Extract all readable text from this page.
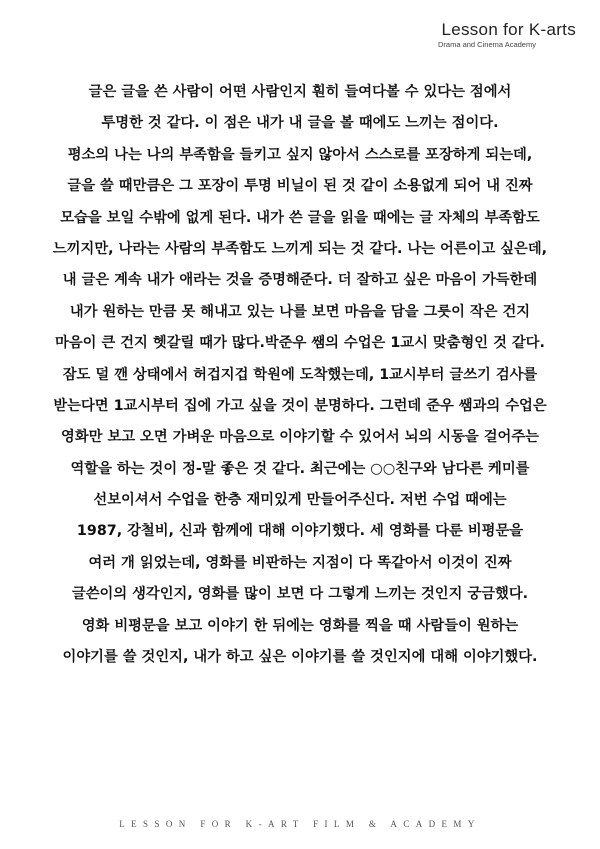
Lesson for K-arts
Drama and Cinema Academy
글은 글을 쓴 사람이 어떤 사람인지 훤히 들여다볼 수 있다는 점에서
투명한 것 같다. 이 점은 내가 내 글을 볼 때에도 느끼는 점이다.
평소의 나는 나의 부족함을 들키고 싶지 않아서 스스로를 포장하게 되는데,
글을 쓸 때만큼은 그 포장이 투명 비닐이 된 것 같이 소용없게 되어 내 진짜
모습을 보일 수밖에 없게 된다. 내가 쓴 글을 읽을 때에는 글 자체의 부족함도
느끼지만, 나라는 사람의 부족함도 느끼게 되는 것 같다. 나는 어른이고 싶은데,
내 글은 계속 내가 애라는 것을 증명해준다. 더 잘하고 싶은 마음이 가득한데
내가 원하는 만큼 못 해내고 있는 나를 보면 마음을 담을 그릇이 작은 건지
마음이 큰 건지 헷갈릴 때가 많다.박준우 쌤의 수업은 1교시 맞춤형인 것 같다.
잠도 덜 깬 상태에서 허겁지겁 학원에 도착했는데, 1교시부터 글쓰기 검사를
받는다면 1교시부터 집에 가고 싶을 것이 분명하다. 그런데 준우 쌤과의 수업은
영화만 보고 오면 가벼운 마음으로 이야기할 수 있어서 뇌의 시동을 걸어주는
역할을 하는 것이 정-말 좋은 것 같다. 최근에는 ○○친구와 남다른 케미를
선보이셔서 수업을 한층 재미있게 만들어주신다. 저번 수업 때에는
1987, 강철비, 신과 함께에 대해 이야기했다. 세 영화를 다룬 비평문을
여러 개 읽었는데, 영화를 비판하는 지점이 다 똑같아서 이것이 진짜
글쓴이의 생각인지, 영화를 많이 보면 다 그렇게 느끼는 것인지 궁금했다.
영화 비평문을 보고 이야기 한 뒤에는 영화를 찍을 때 사람들이 원하는
이야기를 쓸 것인지, 내가 하고 싶은 이야기를 쓸 것인지에 대해 이야기했다.
LESSON FOR K-ART FILM & ACADEMY
